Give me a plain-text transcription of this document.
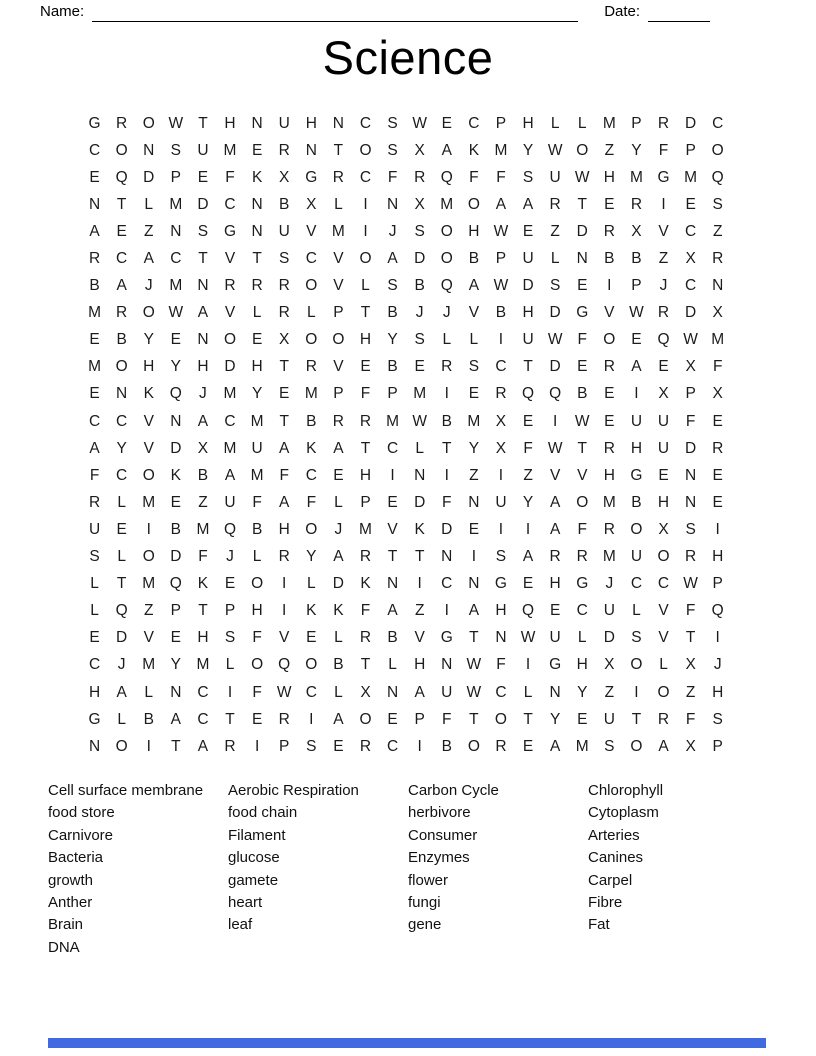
Name:	Date:
Science
G R O W T	H	N	U	H	N	C	S W E	C	P	H	L	L	M P	R	D	C
C O N	S	U M E	R	N	T	O	S	X	A	K M Y W O	Z	Y	F	P	O
E	Q D	P	E	F	K	X	G R	C	F	R Q	F	F	S	U W H M G M Q
N	T	L	M D	C	N	B	X	L	I	N	X M O	A	A	R	T	E	R	I	E	S
A	E	Z	N	S	G N	U	V M	I	J	S	O H W E	Z	D	R	X	V	C	Z
R	C	A	C	T	V	T	S	C	V	O	A	D O	B	P	U	L	N	B	B	Z	X	R
B	A	J	M N	R	R	R O	V	L	S	B	Q	A W D	S	E	I	P	J	C	N
M R O W A	V	L	R	L	P	T	B	J	J	V	B	H	D G	V W R	D	X
E	B	Y	E	N O	E	X	O O H	Y	S	L	L	I	U W F	O	E	Q W M
M O H	Y	H	D	H	T	R	V	E	B	E	R	S	C	T	D	E	R	A	E	X	F
E	N	K	Q	J	M Y	E M P	F	P M	I	E	R Q Q	B	E	I	X	P	X
C	C	V	N	A	C M	T	B	R	R M W B M X	E	I	W E	U	U	F	E
A	Y	V	D	X M U	A	K	A	T	C	L	T	Y	X	F W T	R	H	U	D	R
F	C O	K	B	A M	F	C	E	H	I	N	I	Z	I	Z	V	V	H G	E	N	E
R	L	M E	Z	U	F	A	F	L	P	E	D	F	N	U	Y	A	O M B	H	N	E
U	E	I	B M Q	B	H O	J	M V	K	D	E	I	I	A	F	R O	X	S	I
S	L	O D	F	J	L	R	Y	A	R	T	T	N	I	S	A	R	R M U O R	H
L	T	M Q	K	E	O	I	L	D	K	N	I	C	N G	E	H G	J	C	C W P
L	Q	Z	P	T	P	H	I	K	K	F	A	Z	I	A	H Q	E	C	U	L	V	F	Q
E	D	V	E	H	S	F	V	E	L	R	B	V	G	T	N W U	L	D	S	V	T	I
C	J	M Y M	L	O Q O	B	T	L	H	N W F	I	G H	X	O	L	X	J
H	A	L	N	C	I	F W C	L	X	N	A	U W C	L	N	Y	Z	I	O	Z	H
G	L	B	A	C	T	E	R	I	A	O	E	P	F	T	O	T	Y	E	U	T	R	F	S
N O	I	T	A	R	I	P	S	E	R	C	I	B	O R	E	A M S	O	A	X	P
Cell surface membrane
food store
Carnivore
Bacteria
growth
Anther
Brain
DNA
Aerobic Respiration
food chain
Filament
glucose
gamete
heart
leaf
Carbon Cycle
herbivore
Consumer
Enzymes
flower
fungi
gene
Chlorophyll
Cytoplasm
Arteries
Canines
Carpel
Fibre
Fat
